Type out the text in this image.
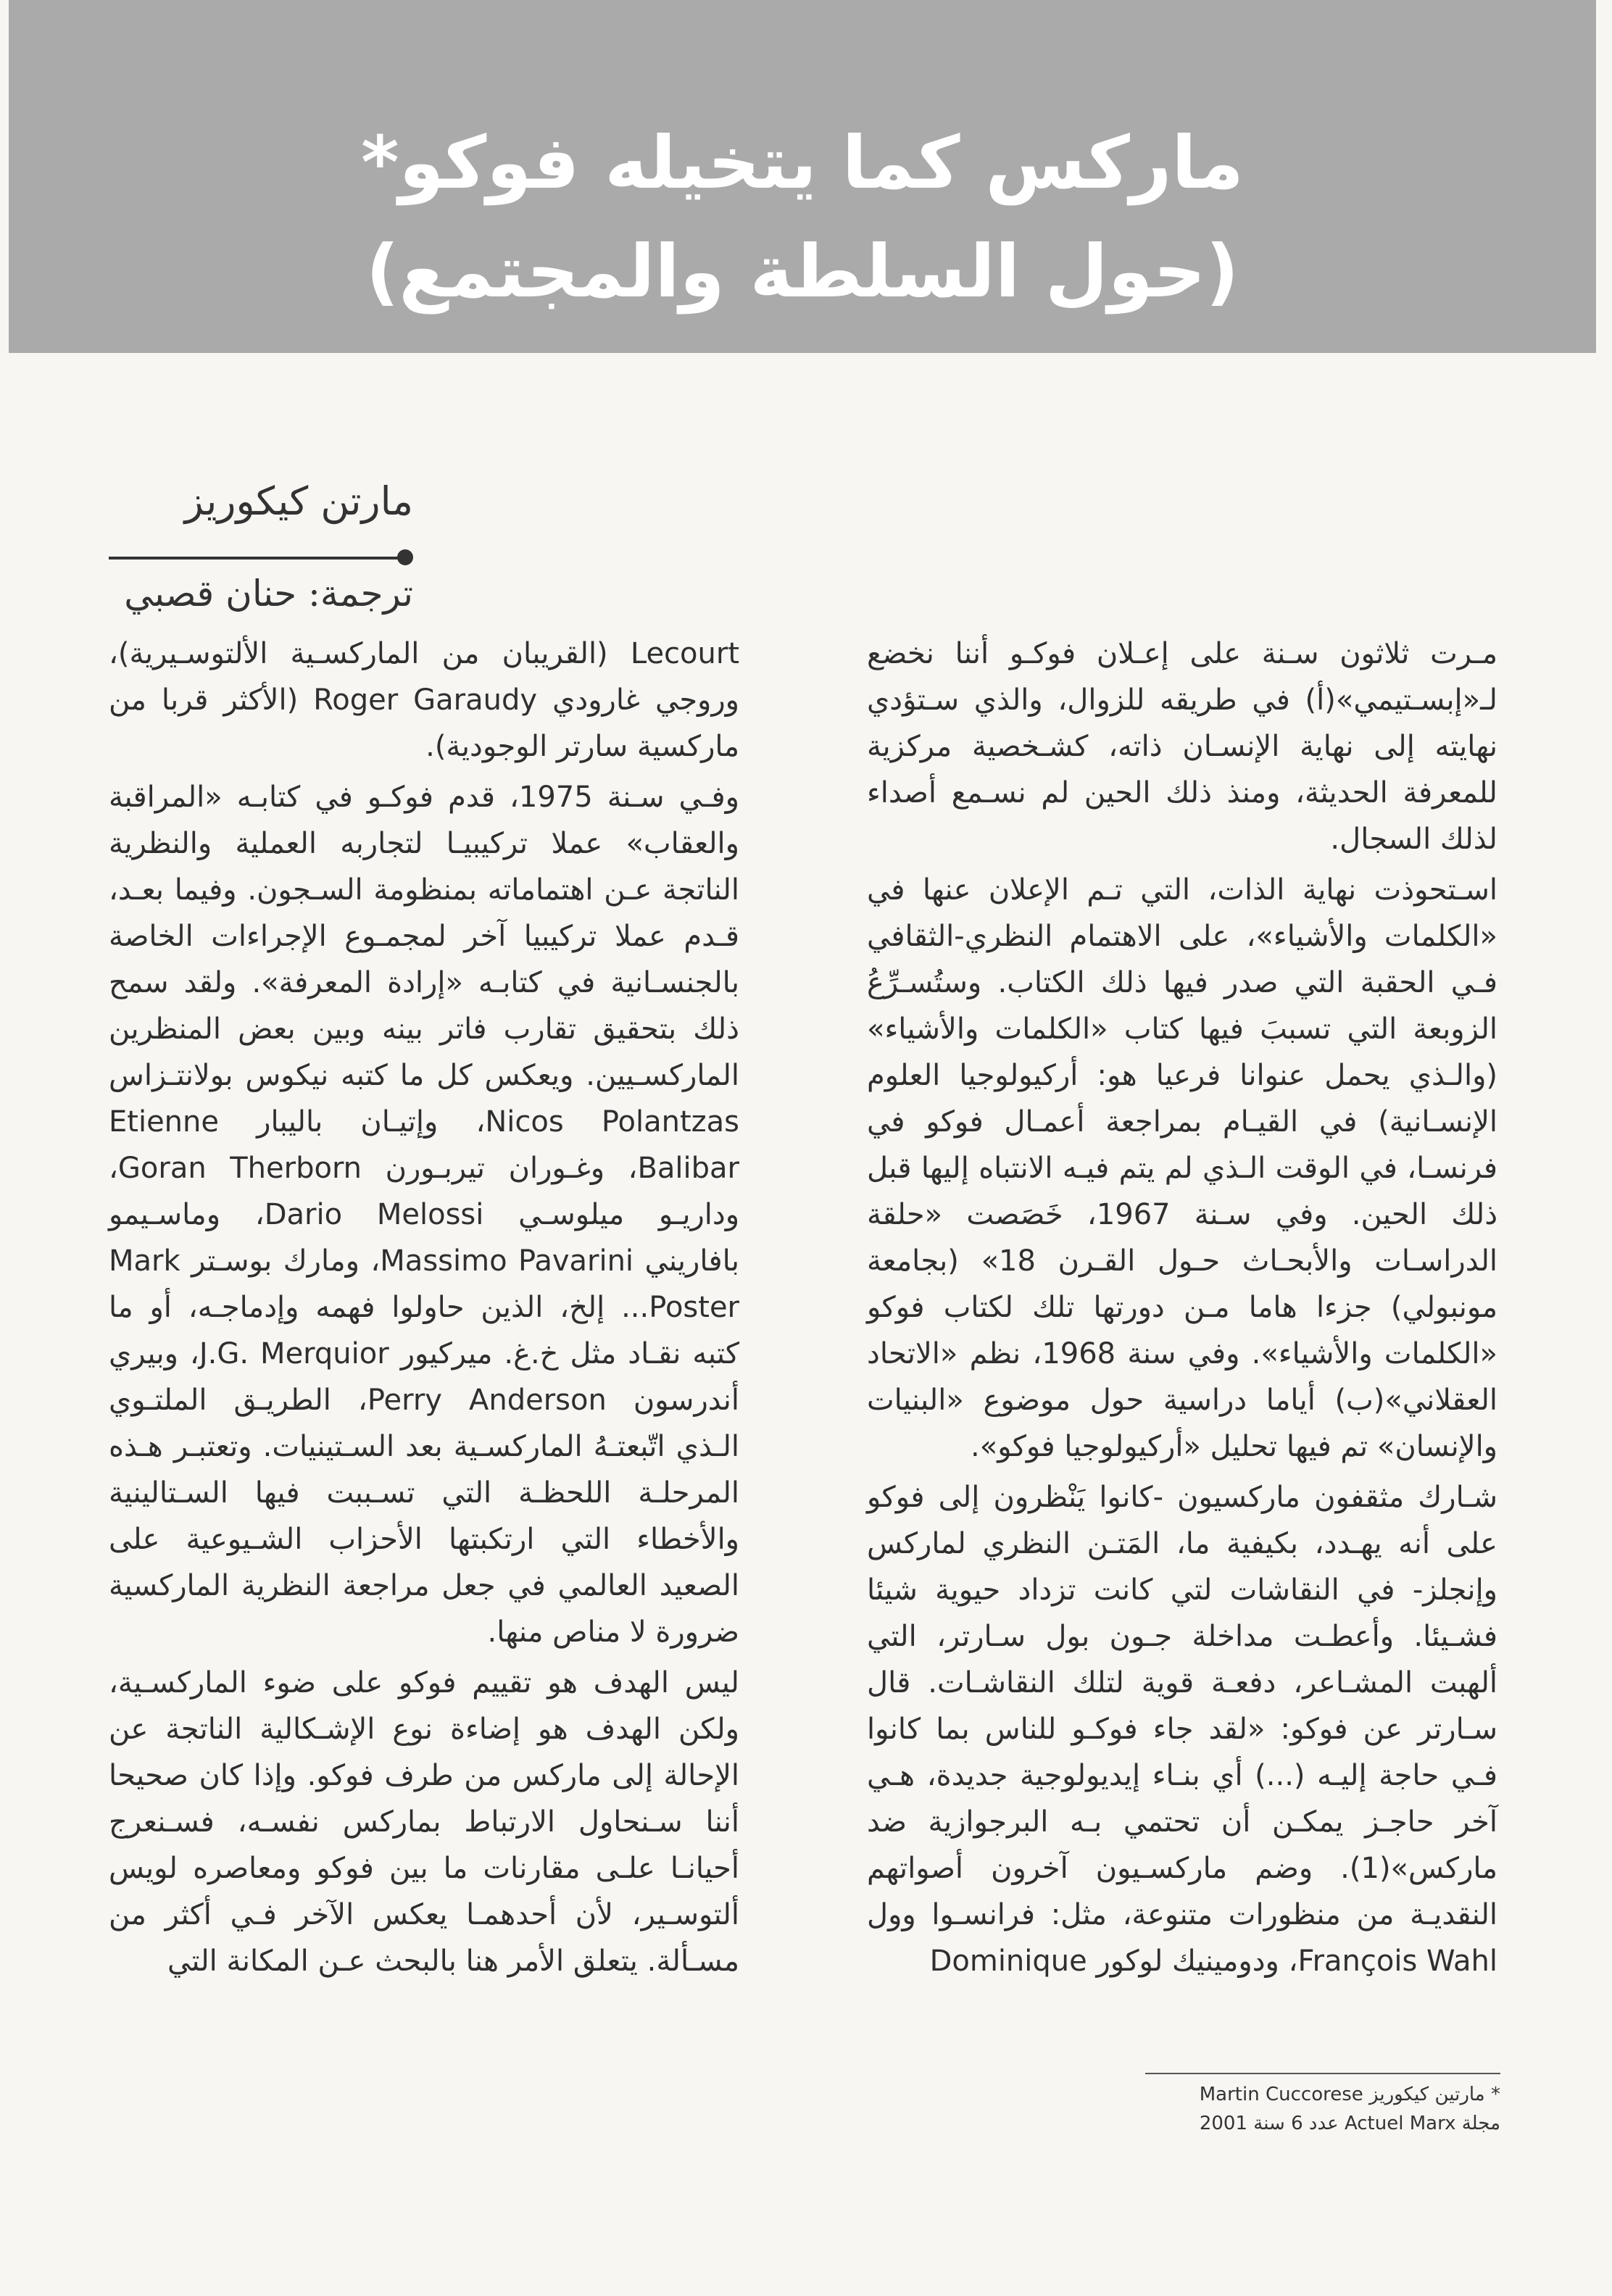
ماركس كما يتخيله فوكو*
(حول السلطة والمجتمع)
مارتن كيكوريز
ترجمة: حنان قصبي

مـرت ثلاثون سـنة على إعـلان فوكـو أننا نخضع لـ«إبسـتيمي»(أ) في طريقه للزوال، والذي سـتؤدي نهايته إلى نهاية الإنسـان ذاته، كشـخصية مركزية للمعرفة الحديثة، ومنذ ذلك الحين لم نسـمع أصداء لذلك السجال.

اسـتحوذت نهاية الذات، التي تـم الإعلان عنها في «الكلمات والأشياء»، على الاهتمام النظري-الثقافي فـي الحقبة التي صدر فيها ذلك الكتاب. وستُسـرِّعُ الزوبعة التي تسببَ فيها كتاب «الكلمات والأشياء» (والـذي يحمل عنوانا فرعيا هو: أركيولوجيا العلوم الإنسـانية) في القيـام بمراجعة أعمـال فوكو في فرنسـا، في الوقت الـذي لم يتم فيـه الانتباه إليها قبل ذلك الحين. وفي سـنة 1967، خَصَصت «حلقة الدراسـات والأبحـاث حـول القـرن 18» (بجامعة مونبولي) جزءا هاما مـن دورتها تلك لكتاب فوكو «الكلمات والأشياء». وفي سنة 1968، نظم «الاتحاد العقلاني»(ب) أياما دراسية حول موضوع «البنيات والإنسان» تم فيها تحليل «أركيولوجيا فوكو».

شـارك مثقفون ماركسيون -كانوا يَنْظرون إلى فوكو على أنه يهـدد، بكيفية ما، المَتـن النظري لماركس وإنجلز- في النقاشات لتي كانت تزداد حيوية شيئا فشـيئا. وأعطـت مداخلة جـون بول سـارتر، التي ألهبت المشـاعر، دفعـة قوية لتلك النقاشـات. قال سـارتر عن فوكو: «لقد جاء فوكـو للناس بما كانوا فـي حاجة إليـه (...) أي بنـاء إيديولوجية جديدة، هـي آخر حاجـز يمكـن أن تحتمي بـه البرجوازية ضد ماركس»(1). وضم ماركسـيون آخرون أصواتهم النقديـة من منظورات متنوعة، مثل: فرانسـوا وول François Wahl، ودومينيك لوكور Dominique

Lecourt (القريبان من الماركسـية الألتوسـيرية)، وروجي غارودي Roger Garaudy (الأكثر قربا من ماركسية سارتر الوجودية).

وفـي سـنة 1975، قدم فوكـو في كتابـه «المراقبة والعقاب» عملا تركيبيـا لتجاربه العملية والنظرية الناتجة عـن اهتماماته بمنظومة السـجون. وفيما بعـد، قـدم عملا تركيبيا آخر لمجمـوع الإجراءات الخاصة بالجنسـانية في كتابـه «إرادة المعرفة». ولقد سمح ذلك بتحقيق تقارب فاتر بينه وبين بعض المنظرين الماركسـيين. ويعكس كل ما كتبه نيكوس بولانتـزاس Nicos Polantzas، وإتيـان باليبار Etienne Balibar، وغـوران تيربـورن Goran Therborn، وداريـو ميلوسـي Dario Melossi، وماسـيمو بافاريني Massimo Pavarini، ومارك بوسـتر Mark Poster... إلخ، الذين حاولوا فهمه وإدماجـه، أو ما كتبه نقـاد مثل خ.غ. ميركيور J.G. Merquior، وبيري أندرسون Perry Anderson، الطريـق الملتـوي الـذي اتّبعتـهُ الماركسـية بعد السـتينيات. وتعتبـر هـذه المرحلـة اللحظـة التي تسـببت فيها السـتالينية والأخطاء التي ارتكبتها الأحزاب الشـيوعية على الصعيد العالمي في جعل مراجعة النظرية الماركسية ضرورة لا مناص منها.

ليس الهدف هو تقييم فوكو على ضوء الماركسـية، ولكن الهدف هو إضاءة نوع الإشـكالية الناتجة عن الإحالة إلى ماركس من طرف فوكو. وإذا كان صحيحا أننا سـنحاول الارتباط بماركس نفسـه، فسـنعرج أحيانـا علـى مقارنات ما بين فوكو ومعاصره لويس ألتوسـير، لأن أحدهمـا يعكس الآخر فـي أكثر من مسـألة. يتعلق الأمر هنا بالبحث عـن المكانة التي

* مارتين كيكوريز Martin Cuccorese
مجلة Actuel Marx عدد 6 سنة 2001
